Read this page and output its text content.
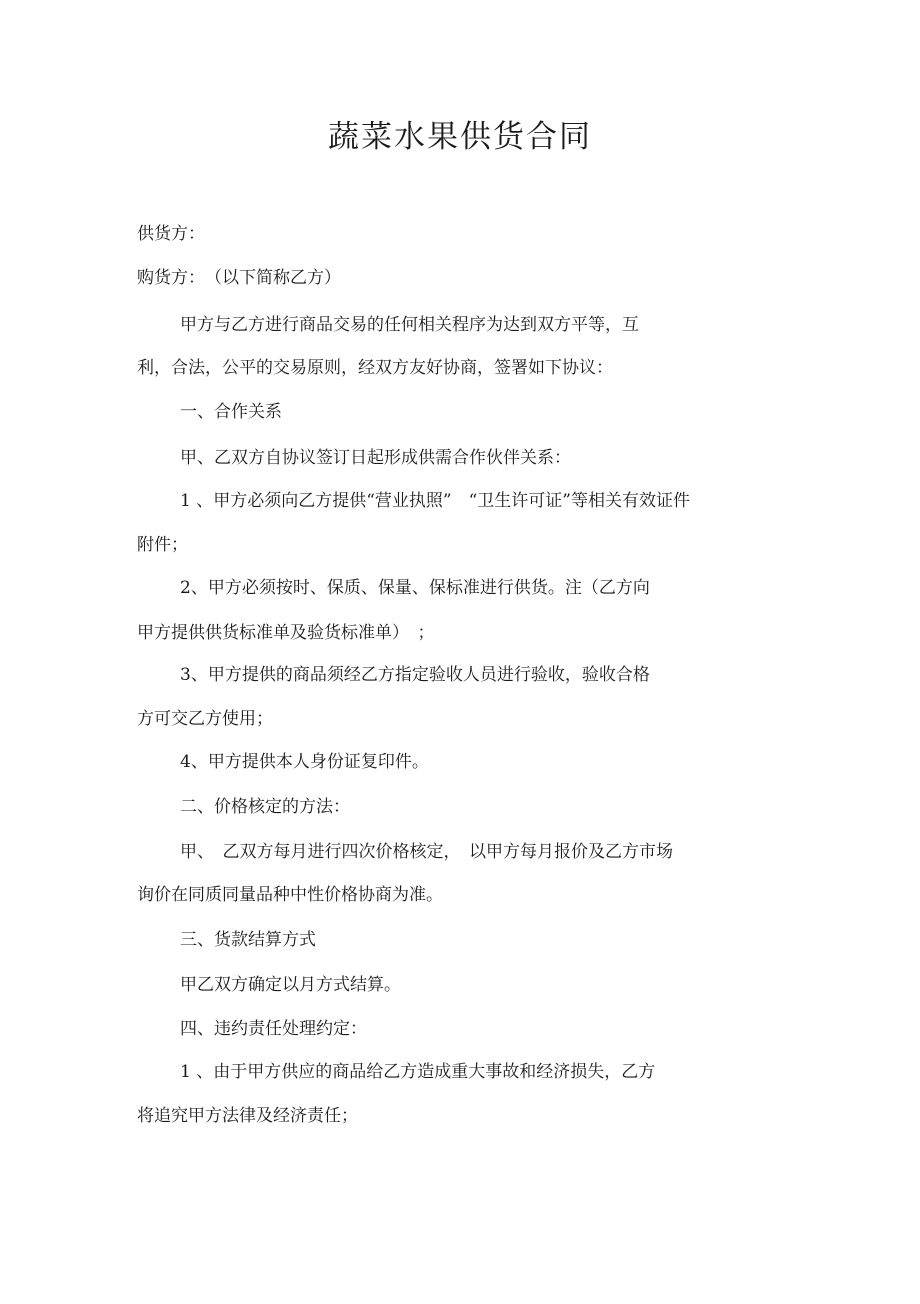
蔬菜水果供货合同
供货方：
购货方：　（以下简称乙方）
甲方与乙方进行商品交易的任何相关程序为达到双方平等，互
利，合法，公平的交易原则，经双方友好协商，签署如下协议：
一、合作关系
甲、乙双方自协议签订日起形成供需合作伙伴关系：
1 、甲方必须向乙方提供“营业执照”　“卫生许可证”等相关有效证件
附件；
2、甲方必须按时、保质、保量、保标准进行供货。注（乙方向
甲方提供供货标准单及验货标准单）　；
3、甲方提供的商品须经乙方指定验收人员进行验收，验收合格
方可交乙方使用；
4、甲方提供本人身份证复印件。
二、价格核定的方法：
甲、　乙双方每月进行四次价格核定，　以甲方每月报价及乙方市场
询价在同质同量品种中性价格协商为准。
三、货款结算方式
甲乙双方确定以月方式结算。
四、违约责任处理约定：
1 、由于甲方供应的商品给乙方造成重大事故和经济损失，乙方
将追究甲方法律及经济责任；
